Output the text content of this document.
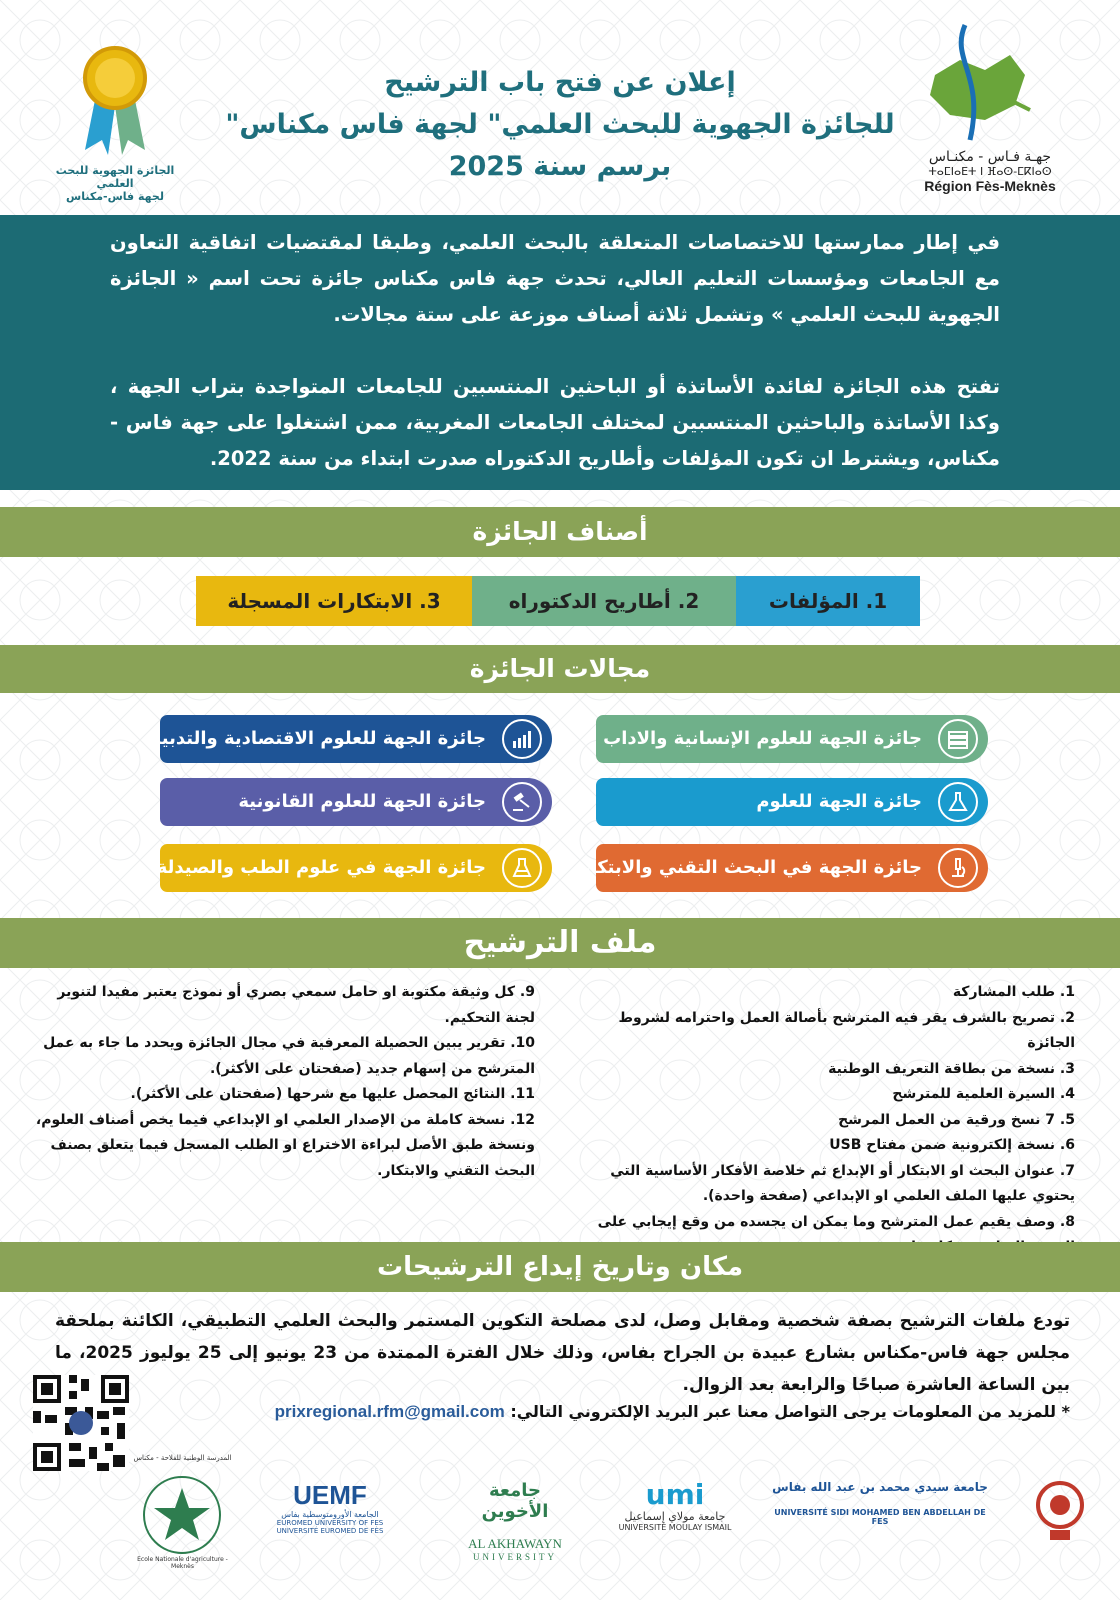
الجائزة الجهوية للبحث العلمي
لجهة فاس-مكناس
إعلان عن فتح باب الترشيح
للجائزة الجهوية للبحث العلمي" لجهة فاس مكناس"
برسم سنة 2025	جهـة فـاس - مكنـاس
ⵜⴰⵎⵏⴰⴹⵜ ⵏ ⴼⴰⵙ-ⵎⴽⵏⴰⵙ
Région Fès-Meknès
في إطار ممارستها للاختصاصات المتعلقة بالبحث العلمي، وطبقا لمقتضيات اتفاقية التعاون مع الجامعات ومؤسسات التعليم العالي، تحدث جهة فاس مكناس جائزة تحت اسم « الجائزة الجهوية للبحث العلمي » وتشمل ثلاثة أصناف موزعة على ستة مجالات.
تفتح هذه الجائزة لفائدة الأساتذة أو الباحثين المنتسبين للجامعات المتواجدة بتراب الجهة ، وكذا الأساتذة والباحثين المنتسبين لمختلف الجامعات المغربية، ممن اشتغلوا على جهة فاس - مكناس، ويشترط ان تكون المؤلفات وأطاريح الدكتوراه صدرت ابتداء من سنة 2022.
أصناف الجائزة
1. المؤلفات
2. أطاريح الدكتوراه
3. الابتكارات المسجلة
مجالات الجائزة
جائزة الجهة للعلوم الإنسانية والاداب
جائزة الجهة للعلوم الاقتصادية والتدبير
جائزة الجهة للعلوم
جائزة الجهة للعلوم القانونية
جائزة الجهة في البحث التقني والابتكار
جائزة الجهة في علوم الطب والصيدلة
ملف الترشيح
1. طلب المشاركة
2. تصريح بالشرف يقر فيه المترشح بأصالة العمل واحترامه لشروط الجائزة
3. نسخة من بطاقة التعريف الوطنية
4. السيرة العلمية للمترشح
5. 7 نسخ ورقية من العمل المرشح
6. نسخة إلكترونية ضمن مفتاح USB
7. عنوان البحث او الابتكار أو الإبداع ثم خلاصة الأفكار الأساسية التي يحتوي عليها الملف العلمي او الإبداعي (صفحة واحدة).
8. وصف يقيم عمل المترشح وما يمكن ان يجسده من وقع إيجابي على
9. كل وثيقة مكتوبة او حامل سمعي بصري أو نموذج يعتبر مفيدا لتنوير لجنة التحكيم.
10. تقرير يبين الحصيلة المعرفية في مجال الجائزة ويحدد ما جاء به عمل المترشح من إسهام جديد (صفحتان على الأكثر).
11. النتائج المحصل عليها مع شرحها (صفحتان على الأكثر).
12. نسخة كاملة من الإصدار العلمي او الإبداعي فيما يخص أصناف العلوم، ونسخة طبق الأصل لبراءة الاختراع او الطلب المسجل فيما يتعلق بصنف البحث التقني والابتكار.
مكان وتاريخ إيداع الترشيحات
تودع ملفات الترشيح بصفة شخصية ومقابل وصل، لدى مصلحة التكوين المستمر والبحث العلمي التطبيقي، الكائنة بملحقة مجلس جهة فاس-مكناس بشارع عبيدة بن الجراح بفاس، وذلك خلال الفترة الممتدة من 23 يونيو إلى 25 يوليوز 2025، ما بين الساعة العاشرة صباحًا والرابعة بعد الزوال.
* للمزيد من المعلومات يرجى التواصل معنا عبر البريد الإلكتروني التالي: prixregional.rfm@gmail.com
جامعة سيدي محمد بن عبد الله بفاس
UNIVERSITÉ SIDI MOHAMED BEN ABDELLAH DE FES
umi
جامعة مولاي إسماعيل
UNIVERSITÉ MOULAY ISMAIL
جامعة الأخوين
AL AKHAWAYN
UNIVERSITY
UEMF
الجامعة الأورومتوسطية بفاس
EUROMED UNIVERSITY OF FES
UNIVERSITÉ EUROMED DE FÈS
المدرسة الوطنية للفلاحة - مكناس
Ecole Nationale d'agriculture - Meknès
